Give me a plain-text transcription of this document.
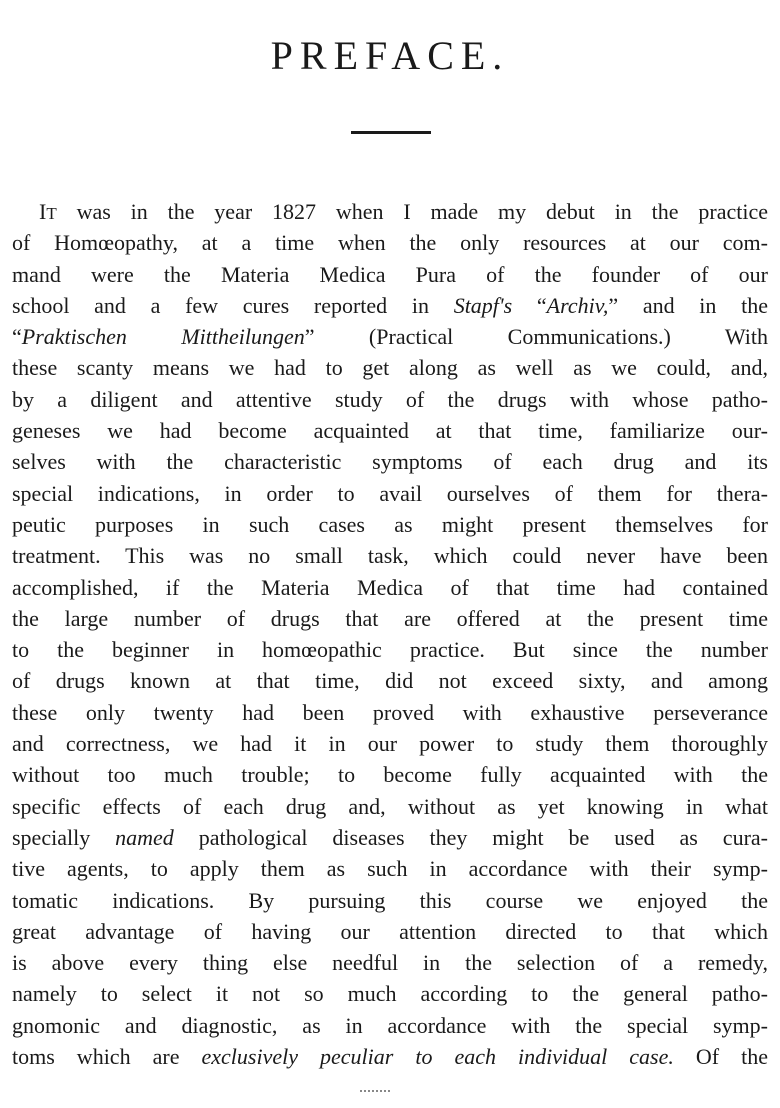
PREFACE.
IT was in the year 1827 when I made my debut in the practice
of Homœopathy, at a time when the only resources at our com-
mand were the Materia Medica Pura of the founder of our
school and a few cures reported in Stapf's “Archiv,” and in the
“Praktischen Mittheilungen” (Practical Communications.) With
these scanty means we had to get along as well as we could, and,
by a diligent and attentive study of the drugs with whose patho-
geneses we had become acquainted at that time, familiarize our-
selves with the characteristic symptoms of each drug and its
special indications, in order to avail ourselves of them for thera-
peutic purposes in such cases as might present themselves for
treatment. This was no small task, which could never have been
accomplished, if the Materia Medica of that time had contained
the large number of drugs that are offered at the present time
to the beginner in homœopathic practice. But since the number
of drugs known at that time, did not exceed sixty, and among
these only twenty had been proved with exhaustive perseverance
and correctness, we had it in our power to study them thoroughly
without too much trouble; to become fully acquainted with the
specific effects of each drug and, without as yet knowing in what
specially named pathological diseases they might be used as cura-
tive agents, to apply them as such in accordance with their symp-
tomatic indications. By pursuing this course we enjoyed the
great advantage of having our attention directed to that which
is above every thing else needful in the selection of a remedy,
namely to select it not so much according to the general patho-
gnomonic and diagnostic, as in accordance with the special symp-
toms which are exclusively peculiar to each individual case. Of the
